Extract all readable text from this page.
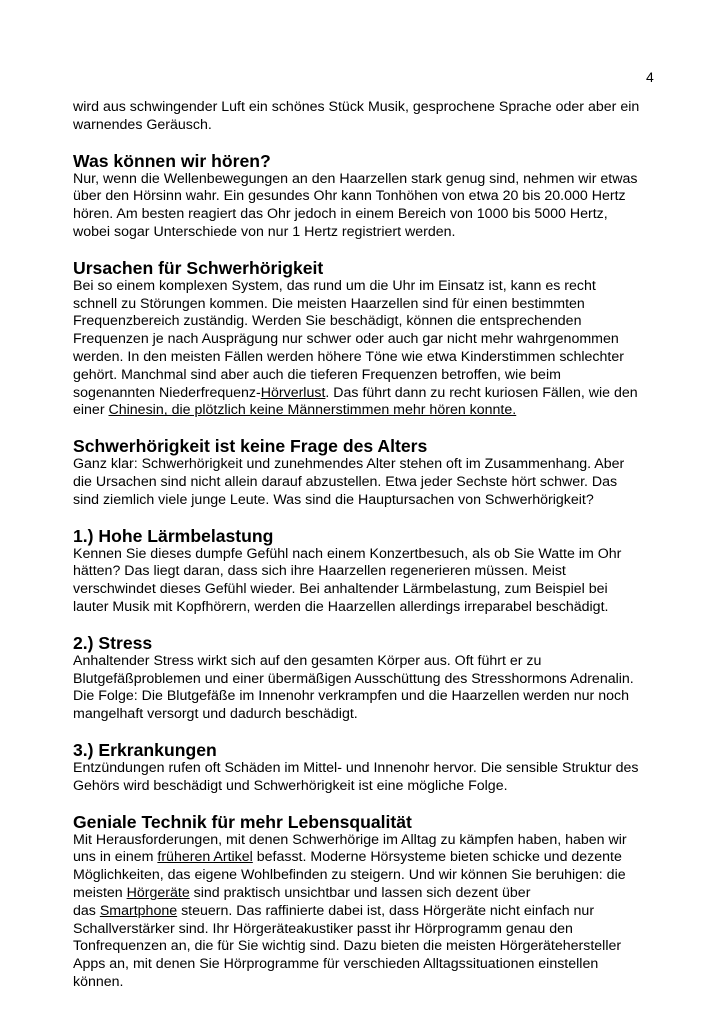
4

wird aus schwingender Luft ein schönes Stück Musik, gesprochene Sprache oder aber ein

warnendes Geräusch.

Was können wir hören?

Nur, wenn die Wellenbewegungen an den Haarzellen stark genug sind, nehmen wir etwas

über den Hörsinn wahr. Ein gesundes Ohr kann Tonhöhen von etwa 20 bis 20.000 Hertz

hören. Am besten reagiert das Ohr jedoch in einem Bereich von 1000 bis 5000 Hertz,

wobei sogar Unterschiede von nur 1 Hertz registriert werden.

Ursachen für Schwerhörigkeit

Bei so einem komplexen System, das rund um die Uhr im Einsatz ist, kann es recht

schnell zu Störungen kommen. Die meisten Haarzellen sind für einen bestimmten

Frequenzbereich zuständig. Werden Sie beschädigt, können die entsprechenden

Frequenzen je nach Ausprägung nur schwer oder auch gar nicht mehr wahrgenommen

werden. In den meisten Fällen werden höhere Töne wie etwa Kinderstimmen schlechter

gehört. Manchmal sind aber auch die tieferen Frequenzen betroffen, wie beim

sogenannten Niederfrequenz-Hörverlust. Das führt dann zu recht kuriosen Fällen, wie den

einer Chinesin, die plötzlich keine Männerstimmen mehr hören konnte.

Schwerhörigkeit ist keine Frage des Alters

Ganz klar: Schwerhörigkeit und zunehmendes Alter stehen oft im Zusammenhang. Aber

die Ursachen sind nicht allein darauf abzustellen. Etwa jeder Sechste hört schwer. Das

sind ziemlich viele junge Leute. Was sind die Hauptursachen von Schwerhörigkeit?

1.) Hohe Lärmbelastung

Kennen Sie dieses dumpfe Gefühl nach einem Konzertbesuch, als ob Sie Watte im Ohr

hätten? Das liegt daran, dass sich ihre Haarzellen regenerieren müssen. Meist

verschwindet dieses Gefühl wieder. Bei anhaltender Lärmbelastung, zum Beispiel bei

lauter Musik mit Kopfhörern, werden die Haarzellen allerdings irreparabel beschädigt.

2.) Stress

Anhaltender Stress wirkt sich auf den gesamten Körper aus. Oft führt er zu

Blutgefäßproblemen und einer übermäßigen Ausschüttung des Stresshormons Adrenalin.

Die Folge: Die Blutgefäße im Innenohr verkrampfen und die Haarzellen werden nur noch

mangelhaft versorgt und dadurch beschädigt.

3.) Erkrankungen

Entzündungen rufen oft Schäden im Mittel- und Innenohr hervor. Die sensible Struktur des

Gehörs wird beschädigt und Schwerhörigkeit ist eine mögliche Folge.

Geniale Technik für mehr Lebensqualität

Mit Herausforderungen, mit denen Schwerhörige im Alltag zu kämpfen haben, haben wir

uns in einem früheren Artikel befasst. Moderne Hörsysteme bieten schicke und dezente

Möglichkeiten, das eigene Wohlbefinden zu steigern. Und wir können Sie beruhigen: die

meisten Hörgeräte sind praktisch unsichtbar und lassen sich dezent über

das Smartphone steuern. Das raffinierte dabei ist, dass Hörgeräte nicht einfach nur

Schallverstärker sind. Ihr Hörgeräteakustiker passt ihr Hörprogramm genau den

Tonfrequenzen an, die für Sie wichtig sind. Dazu bieten die meisten Hörgerätehersteller

Apps an, mit denen Sie Hörprogramme für verschieden Alltagssituationen einstellen

können.
